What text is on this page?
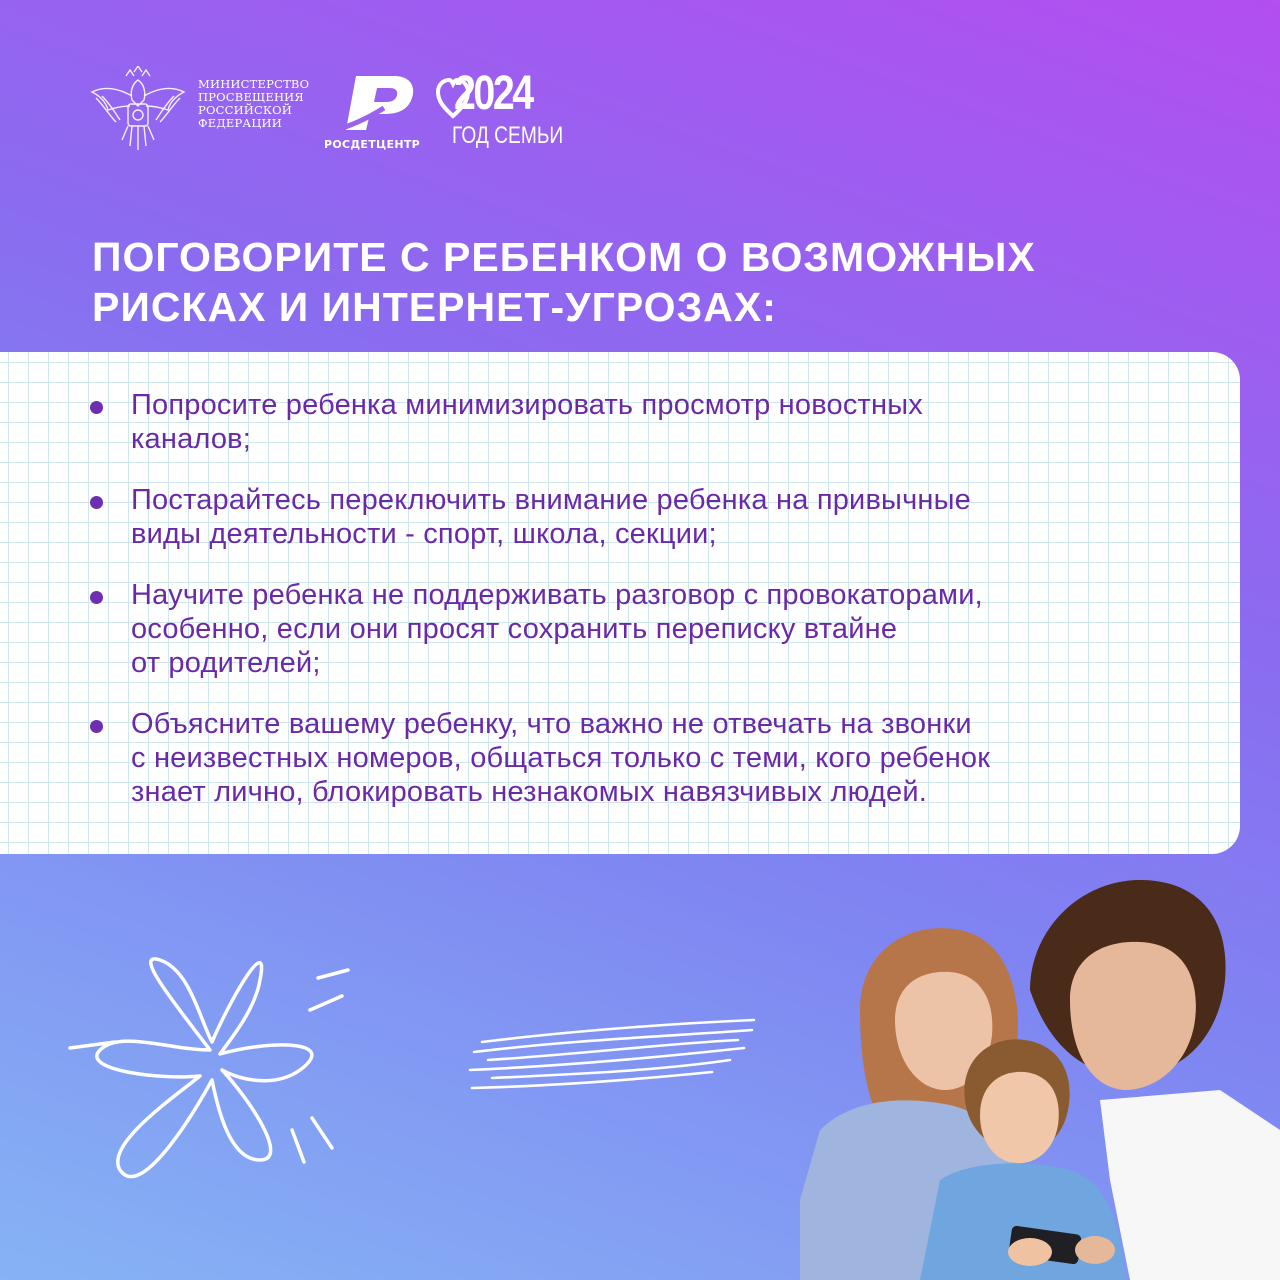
МИНИСТЕРСТВО
ПРОСВЕЩЕНИЯ
РОССИЙСКОЙ
ФЕДЕРАЦИИ
РОСДЕТЦЕНТР
2024
ГОД СЕМЬИ
ПОГОВОРИТЕ С РЕБЕНКОМ О ВОЗМОЖНЫХ РИСКАХ И ИНТЕРНЕТ-УГРОЗАХ:
Попросите ребенка минимизировать просмотр новостных
каналов;
Постарайтесь переключить внимание ребенка на привычные
виды деятельности - спорт, школа, секции;
Научите ребенка не поддерживать разговор с провокаторами,
особенно, если они просят сохранить переписку втайне
от родителей;
Объясните вашему ребенку, что важно не отвечать на звонки
с неизвестных номеров, общаться только с теми, кого ребенок
знает лично, блокировать незнакомых навязчивых людей.
